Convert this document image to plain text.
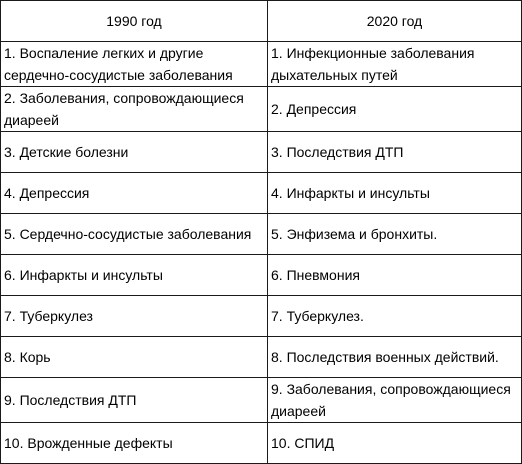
1990 год	2020 год
1. Воспаление легких и другие сердечно-сосудистые заболевания	1. Инфекционные заболевания дыхательных путей
2. Заболевания, сопровождающиеся диареей	2. Депрессия
3. Детские болезни	3. Последствия ДТП
4. Депрессия	4. Инфаркты и инсульты
5. Сердечно-сосудистые заболевания	5. Энфизема и бронхиты.
6. Инфаркты и инсульты	6. Пневмония
7. Туберкулез	7. Туберкулез.
8. Корь	8. Последствия военных действий.
9. Последствия ДТП	9. Заболевания, сопровождающиеся диареей
10. Врожденные дефекты	10. СПИД
